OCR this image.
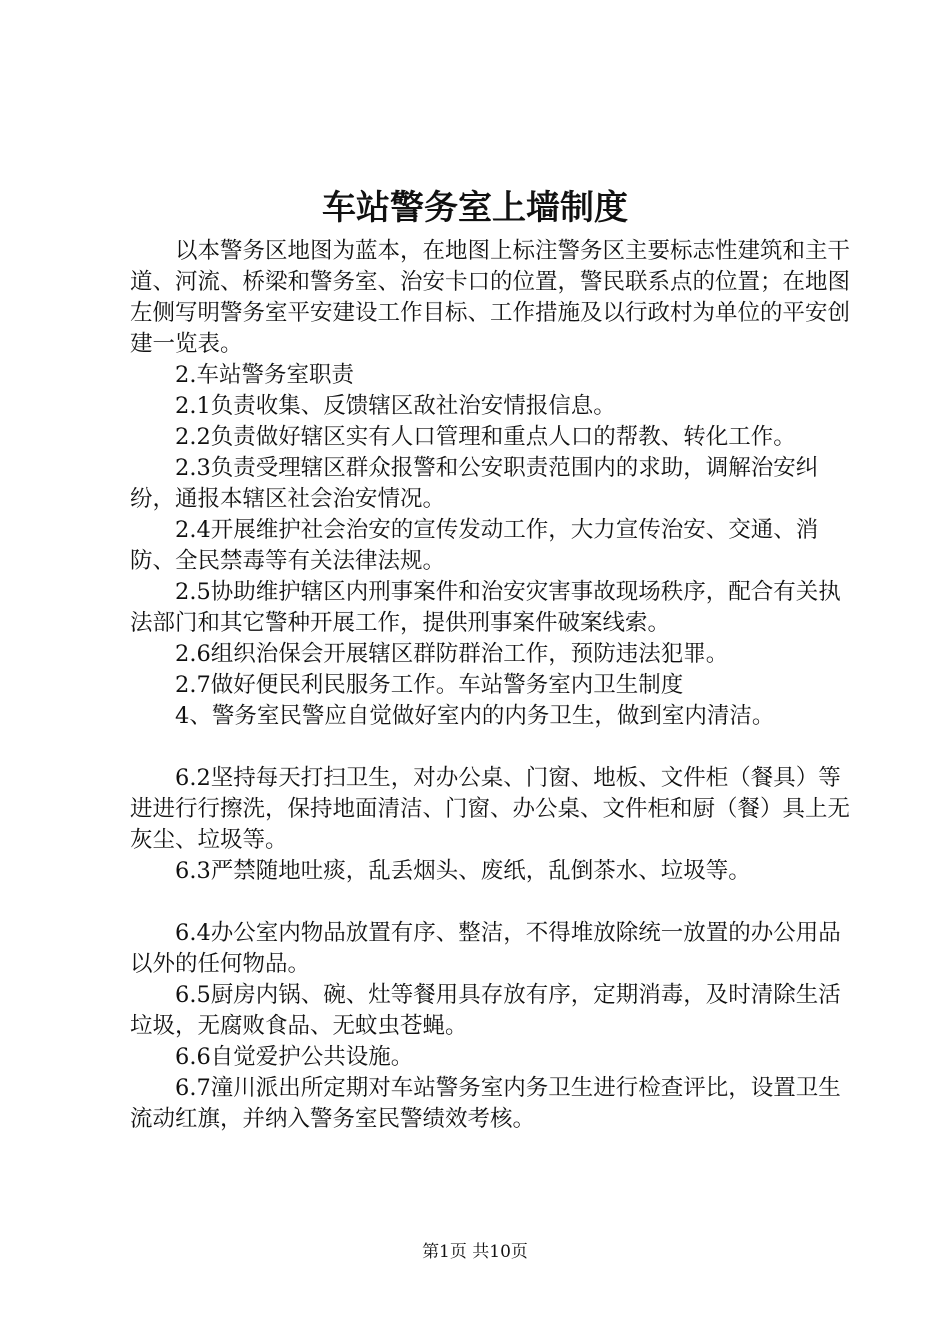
车站警务室上墙制度

以本警务区地图为蓝本，在地图上标注警务区主要标志性建筑和主干道、河流、桥梁和警务室、治安卡口的位置，警民联系点的位置；在地图左侧写明警务室平安建设工作目标、工作措施及以行政村为单位的平安创建一览表。

2.车站警务室职责

2.1负责收集、反馈辖区敌社治安情报信息。

2.2负责做好辖区实有人口管理和重点人口的帮教、转化工作。

2.3负责受理辖区群众报警和公安职责范围内的求助，调解治安纠纷，通报本辖区社会治安情况。

2.4开展维护社会治安的宣传发动工作，大力宣传治安、交通、消防、全民禁毒等有关法律法规。

2.5协助维护辖区内刑事案件和治安灾害事故现场秩序，配合有关执法部门和其它警种开展工作，提供刑事案件破案线索。

2.6组织治保会开展辖区群防群治工作，预防违法犯罪。

2.7做好便民利民服务工作。车站警务室内卫生制度

4、警务室民警应自觉做好室内的内务卫生，做到室内清洁。

6.2坚持每天打扫卫生，对办公桌、门窗、地板、文件柜（餐具）等进进行行擦洗，保持地面清洁、门窗、办公桌、文件柜和厨（餐）具上无灰尘、垃圾等。

6.3严禁随地吐痰，乱丢烟头、废纸，乱倒茶水、垃圾等。

6.4办公室内物品放置有序、整洁，不得堆放除统一放置的办公用品以外的任何物品。

6.5厨房内锅、碗、灶等餐用具存放有序，定期消毒，及时清除生活垃圾，无腐败食品、无蚊虫苍蝇。

6.6自觉爱护公共设施。

6.7潼川派出所定期对车站警务室内务卫生进行检查评比，设置卫生流动红旗，并纳入警务室民警绩效考核。

第1页 共10页
